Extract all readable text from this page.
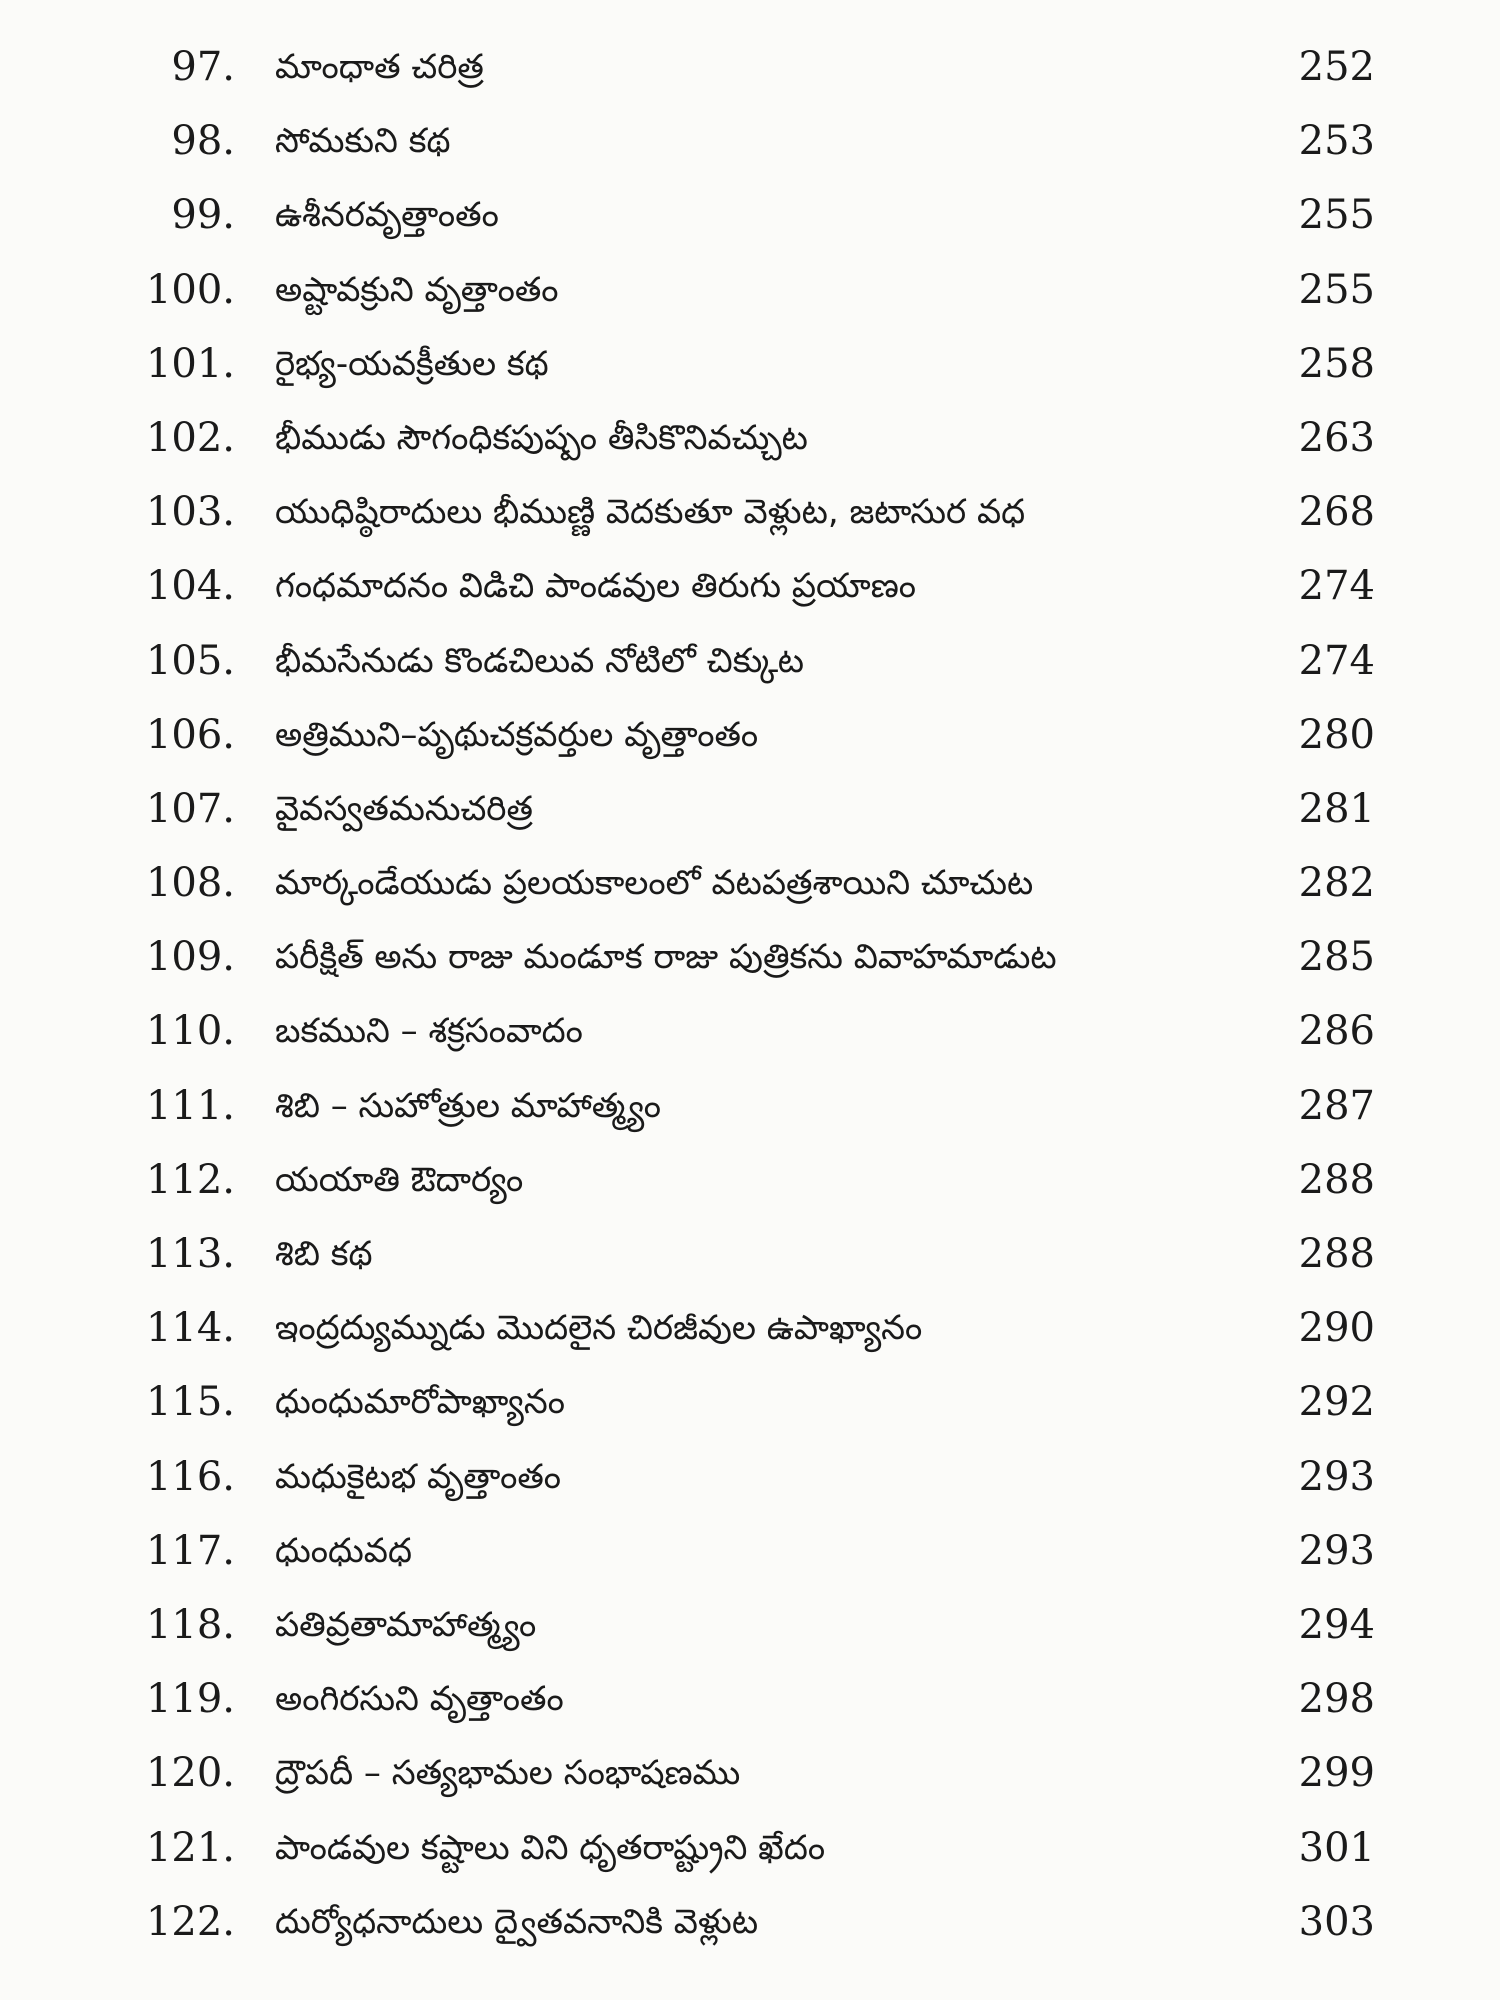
97. మాంధాత చరిత్ర	252
98. సోమకుని కథ	253
99. ఉశీనరవృత్తాంతం	255
100. అష్టావక్రుని వృత్తాంతం	255
101. రైభ్య-యవక్రీతుల కథ	258
102. భీముడు సౌగంధికపుష్పం తీసికొనివచ్చుట	263
103. యుధిష్ఠిరాదులు భీముణ్ణి వెదకుతూ వెళ్లుట, జటాసుర వధ	268
104. గంధమాదనం విడిచి పాండవుల తిరుగు ప్రయాణం	274
105. భీమసేనుడు కొండచిలువ నోటిలో చిక్కుట	274
106. అత్రిముని–పృథుచక్రవర్తుల వృత్తాంతం	280
107. వైవస్వతమనుచరిత్ర	281
108. మార్కండేయుడు ప్రలయకాలంలో వటపత్రశాయిని చూచుట	282
109. పరీక్షిత్ అను రాజు మండూక రాజు పుత్రికను వివాహమాడుట	285
110. బకముని – శక్రసంవాదం	286
111. శిబి – సుహోత్రుల మాహాత్మ్యం	287
112. యయాతి ఔదార్యం	288
113. శిబి కథ	288
114. ఇంద్రద్యుమ్నుడు మొదలైన చిరజీవుల ఉపాఖ్యానం	290
115. ధుంధుమారోపాఖ్యానం	292
116. మధుకైటభ వృత్తాంతం	293
117. ధుంధువధ	293
118. పతివ్రతామాహాత్మ్యం	294
119. అంగిరసుని వృత్తాంతం	298
120. ద్రౌపదీ – సత్యభామల సంభాషణము	299
121. పాండవుల కష్టాలు విని ధృతరాష్ట్రుని ఖేదం	301
122. దుర్యోధనాదులు ద్వైతవనానికి వెళ్లుట	303
